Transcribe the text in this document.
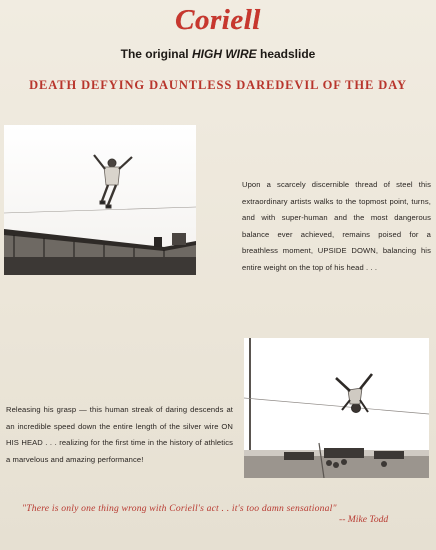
Coriell
The original HIGH WIRE headslide
DEATH DEFYING DAUNTLESS DAREDEVIL OF THE DAY
Upon a scarcely discernible thread of steel this extraordinary artists walks to the topmost point, turns, and with super-human and the most dangerous balance ever achieved, remains poised for a breathless moment, UPSIDE DOWN, balancing his entire weight on the top of his head . . .
Releasing his grasp — this human streak of daring descends at an incredible speed down the entire length of the silver wire ON HIS HEAD . . . realizing for the first time in the history of athletics a marvelous and amazing performance!
"There is only one thing wrong with Coriell's act . . it's too damn sensational"
-- Mike Todd
